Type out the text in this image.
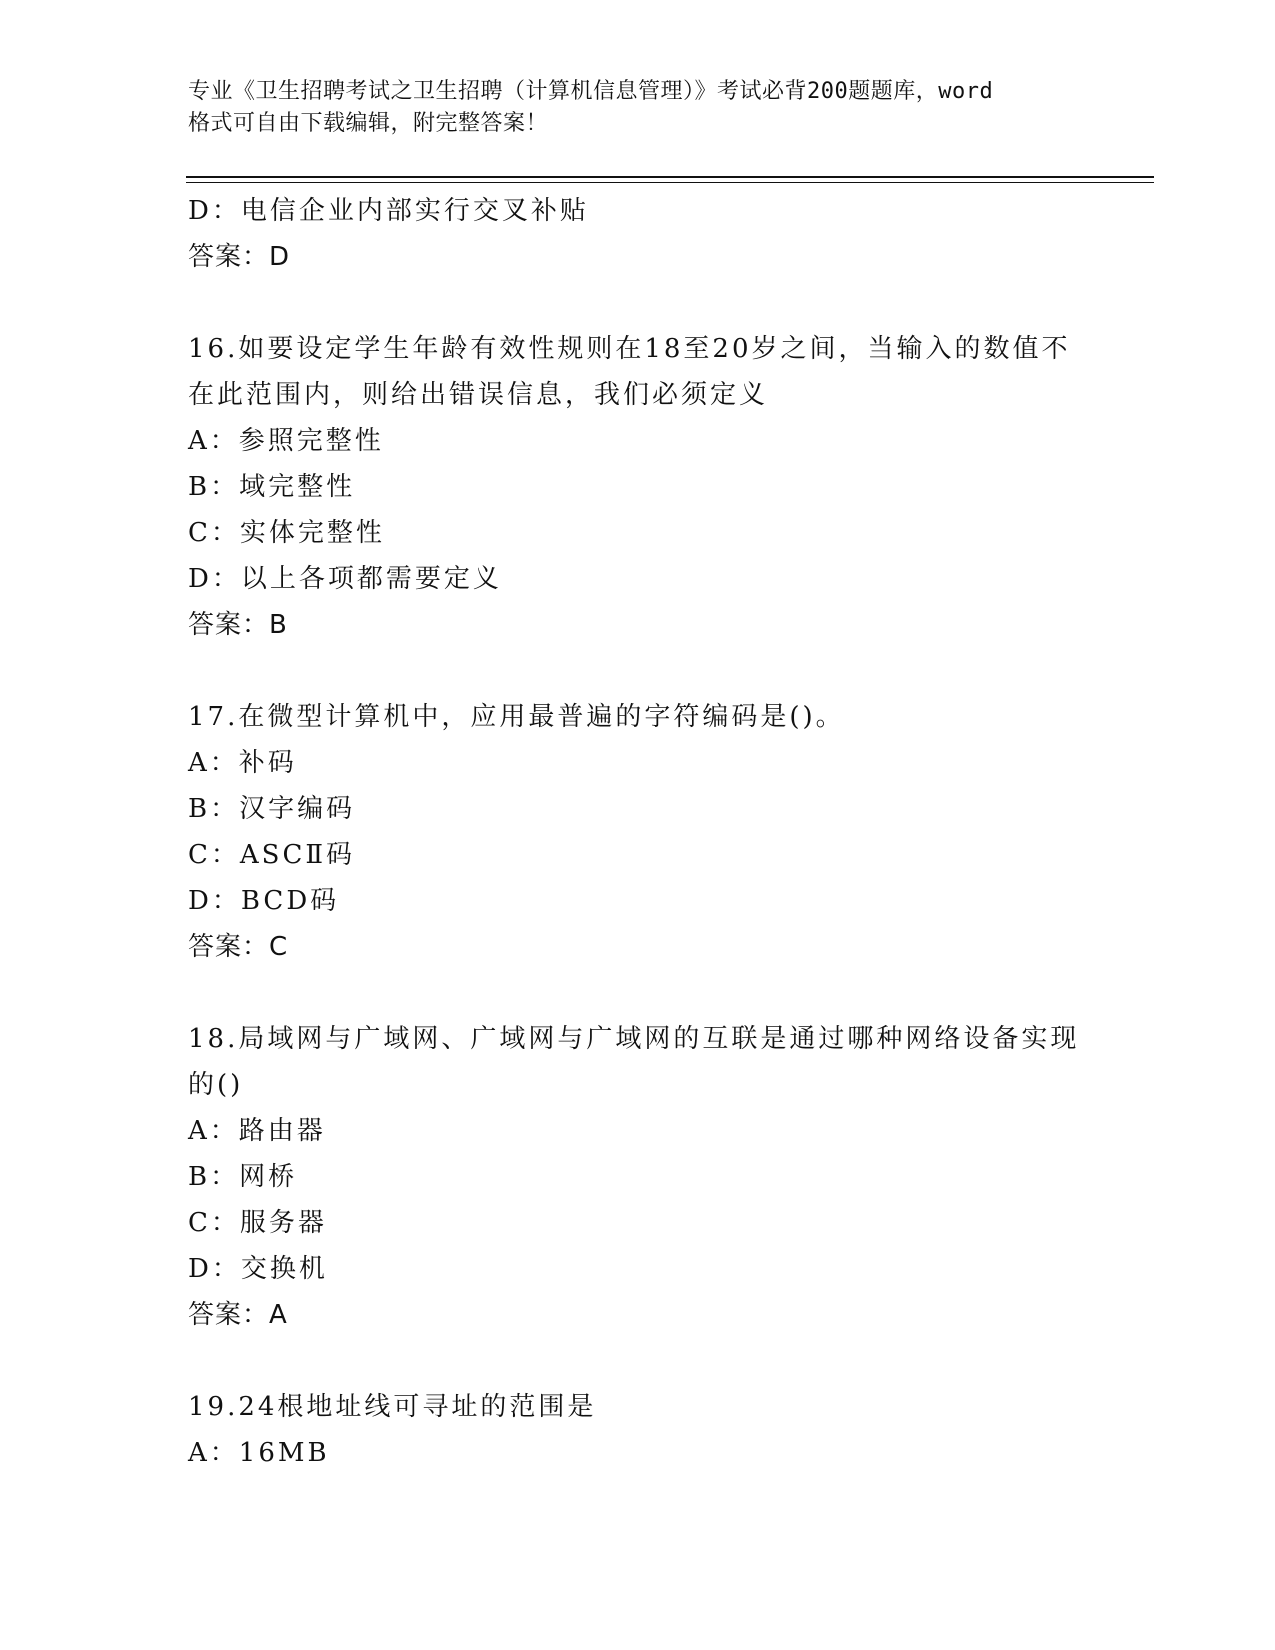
专业《卫生招聘考试之卫生招聘（计算机信息管理）》考试必背200题题库，word
格式可自由下载编辑，附完整答案！
D：电信企业内部实行交叉补贴
答案：D
16.如要设定学生年龄有效性规则在18至20岁之间，当输入的数值不
在此范围内，则给出错误信息，我们必须定义
A：参照完整性
B：域完整性
C：实体完整性
D：以上各项都需要定义
答案：B
17.在微型计算机中，应用最普遍的字符编码是()。
A：补码
B：汉字编码
C：ASCⅡ码
D：BCD码
答案：C
18.局域网与广域网、广域网与广域网的互联是通过哪种网络设备实现
的()
A：路由器
B：网桥
C：服务器
D：交换机
答案：A
19.24根地址线可寻址的范围是
A：16MB
